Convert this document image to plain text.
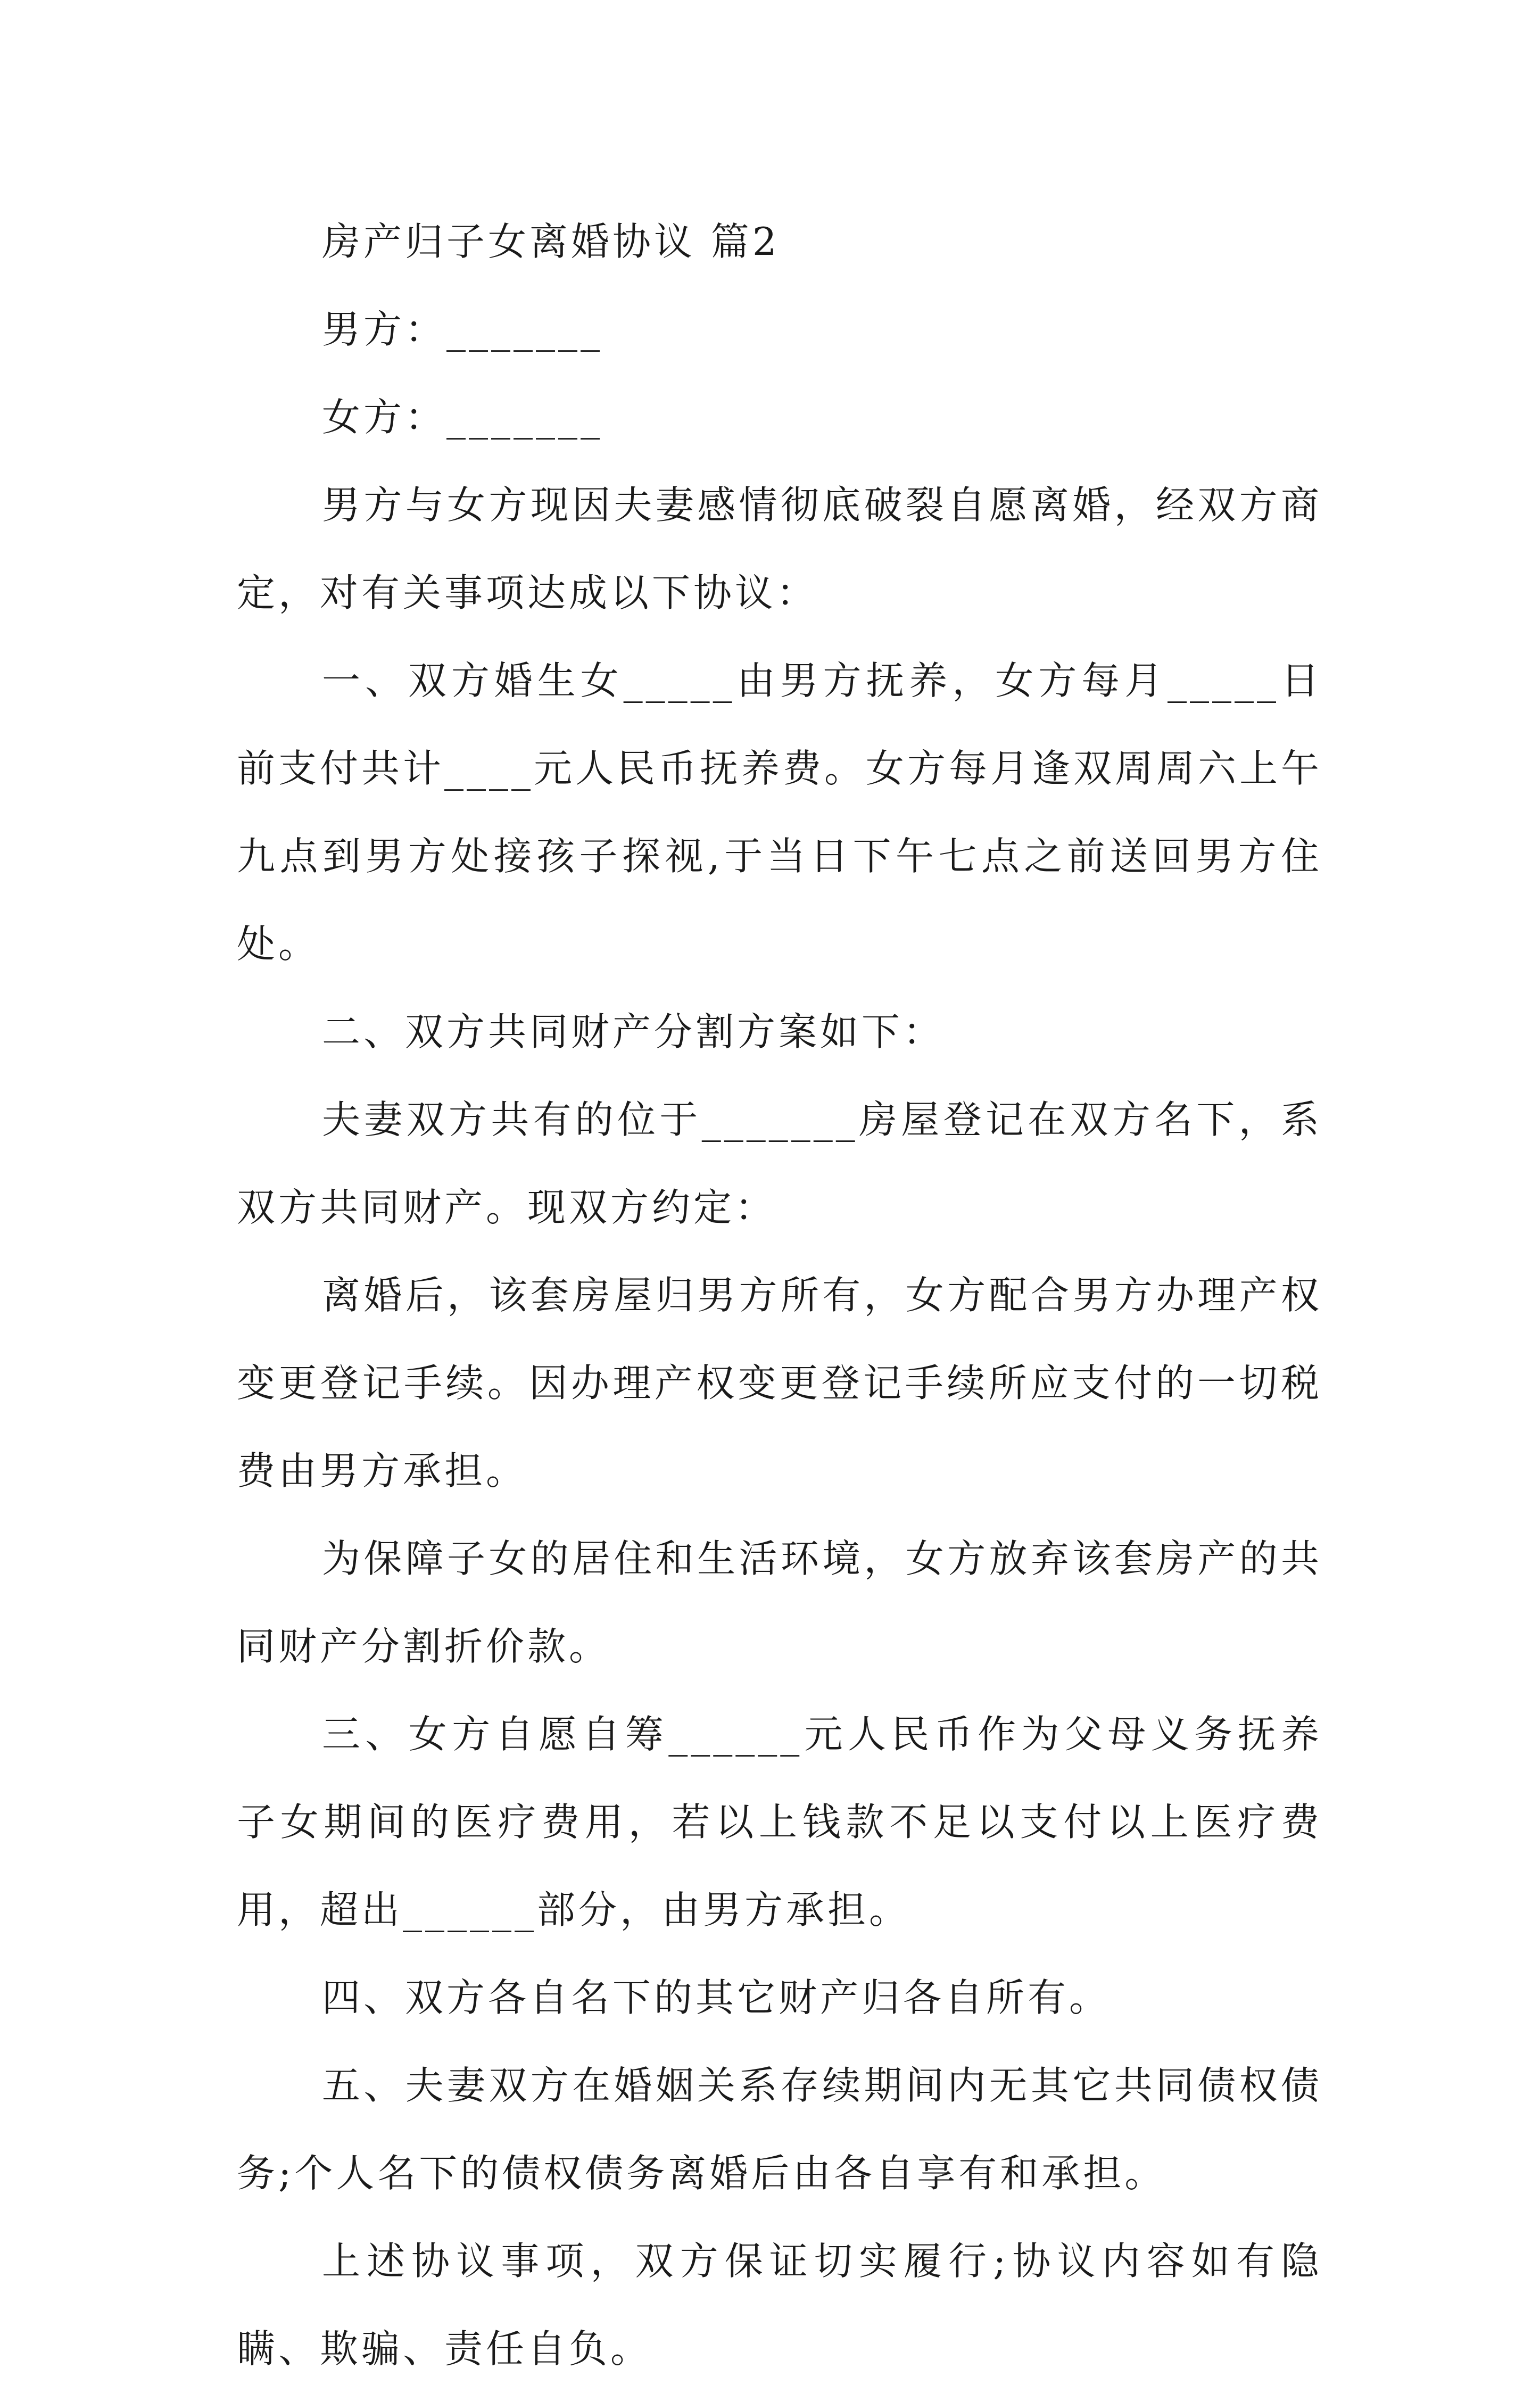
房产归子女离婚协议 篇2

男方：_______

女方：_______

男方与女方现因夫妻感情彻底破裂自愿离婚，经双方商定，对有关事项达成以下协议：

一、双方婚生女_____由男方抚养，女方每月_____日前支付共计____元人民币抚养费。女方每月逢双周周六上午九点到男方处接孩子探视,于当日下午七点之前送回男方住处。

二、双方共同财产分割方案如下：

夫妻双方共有的位于_______房屋登记在双方名下，系双方共同财产。现双方约定：

离婚后，该套房屋归男方所有，女方配合男方办理产权变更登记手续。因办理产权变更登记手续所应支付的一切税费由男方承担。

为保障子女的居住和生活环境，女方放弃该套房产的共同财产分割折价款。

三、女方自愿自筹______元人民币作为父母义务抚养子女期间的医疗费用，若以上钱款不足以支付以上医疗费用，超出______部分，由男方承担。

四、双方各自名下的其它财产归各自所有。

五、夫妻双方在婚姻关系存续期间内无其它共同债权债务;个人名下的债权债务离婚后由各自享有和承担。

上述协议事项，双方保证切实履行;协议内容如有隐瞒、欺骗、责任自负。
